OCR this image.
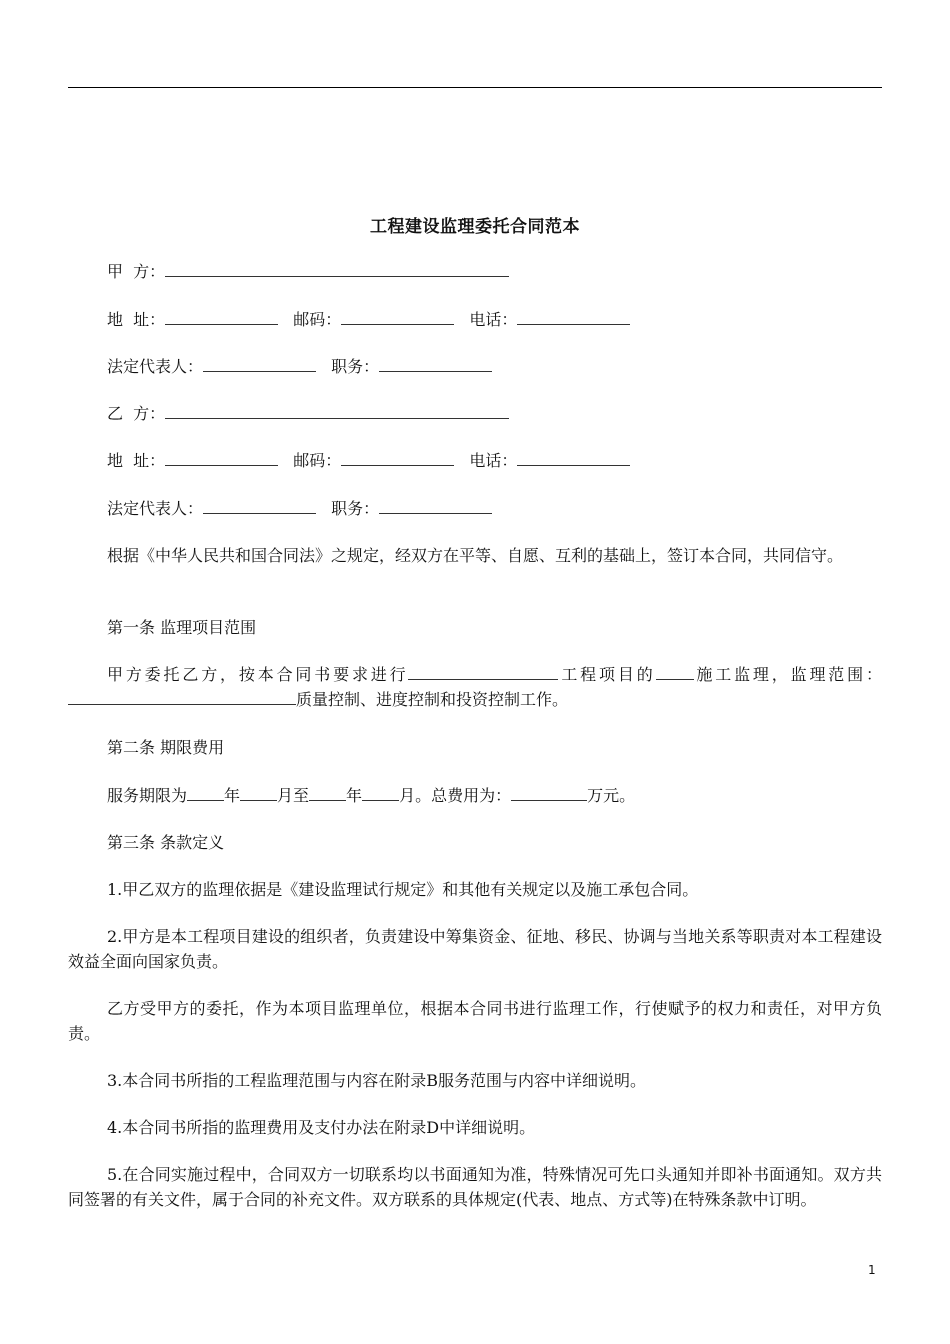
工程建设监理委托合同范本
甲  方：
地  址：	邮码：	电话：
法定代表人：	职务：
乙  方：
地  址：	邮码：	电话：
法定代表人：	职务：
根据《中华人民共和国合同法》之规定，经双方在平等、自愿、互利的基础上，签订本合同，共同信守。
第一条 监理项目范围
甲方委托乙方，按本合同书要求进行	工程项目的 施工监理，监理范围：质量控制、进度控制和投资控制工作。
第二条 期限费用
服务期限为 年 月至 年 月。总费用为：	万元。
第三条 条款定义
1.甲乙双方的监理依据是《建设监理试行规定》和其他有关规定以及施工承包合同。
2.甲方是本工程项目建设的组织者，负责建设中筹集资金、征地、移民、协调与当地关系等职责对本工程建设效益全面向国家负责。
乙方受甲方的委托，作为本项目监理单位，根据本合同书进行监理工作，行使赋予的权力和责任，对甲方负责。
3.本合同书所指的工程监理范围与内容在附录B服务范围与内容中详细说明。
4.本合同书所指的监理费用及支付办法在附录D中详细说明。
5.在合同实施过程中，合同双方一切联系均以书面通知为准，特殊情况可先口头通知并即补书面通知。双方共同签署的有关文件，属于合同的补充文件。双方联系的具体规定(代表、地点、方式等)在特殊条款中订明。
1
